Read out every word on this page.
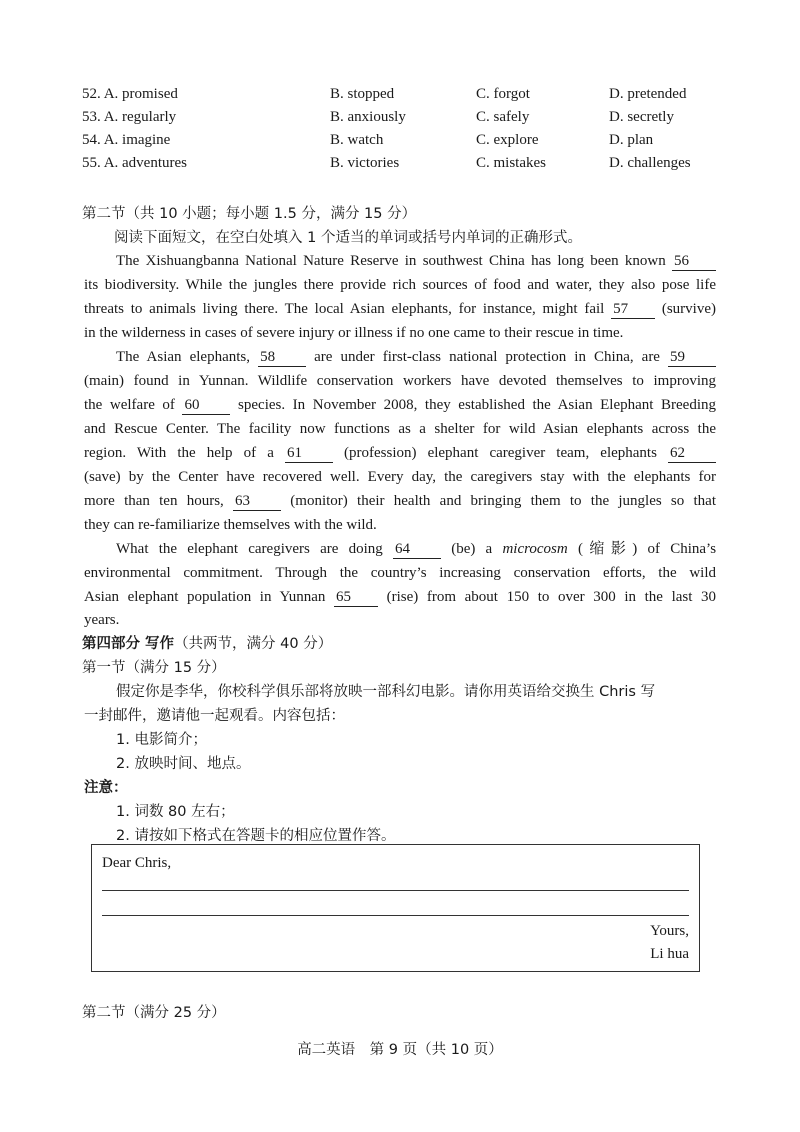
52. A. promised	B. stopped	C. forgot	D. pretended
53. A. regularly	B. anxiously	C. safely	D. secretly
54. A. imagine	B. watch	C. explore	D. plan
55. A. adventures	B. victories	C. mistakes	D. challenges
第二节（共 10 小题；每小题 1.5 分，满分 15 分）
阅读下面短文，在空白处填入 1 个适当的单词或括号内单词的正确形式。
The Xishuangbanna National Nature Reserve in southwest China has long been known 56
its biodiversity. While the jungles there provide rich sources of food and water, they also pose life
threats to animals living there. The local Asian elephants, for instance, might fail 57 (survive)
in the wilderness in cases of severe injury or illness if no one came to their rescue in time.
The Asian elephants, 58	are under first-class national protection in China, are 59
(main) found in Yunnan. Wildlife conservation workers have devoted themselves to improving
the welfare of 60	species. In November 2008, they established the Asian Elephant Breeding
and Rescue Center. The facility now functions as a shelter for wild Asian elephants across the
region. With the help of a 61	(profession) elephant caregiver team, elephants 62
(save) by the Center have recovered well. Every day, the caregivers stay with the elephants for
more than ten hours, 63	(monitor) their health and bringing them to the jungles so that
they can re-familiarize themselves with the wild.
What the elephant caregivers are doing 64	(be) a microcosm (缩影) of China’s
environmental commitment. Through the country’s increasing conservation efforts, the wild
Asian elephant population in Yunnan 65 (rise) from about 150 to over 300 in the last 30
years.
第四部分 写作（共两节，满分 40 分）
第一节（满分 15 分）
假定你是李华，你校科学俱乐部将放映一部科幻电影。请你用英语给交换生 Chris 写
一封邮件，邀请他一起观看。内容包括：
1. 电影简介；
2. 放映时间、地点。
注意：
1. 词数 80 左右；
2. 请按如下格式在答题卡的相应位置作答。
Dear Chris,
Yours,
Li hua
第二节（满分 25 分）
高二英语　第 9 页（共 10 页）
